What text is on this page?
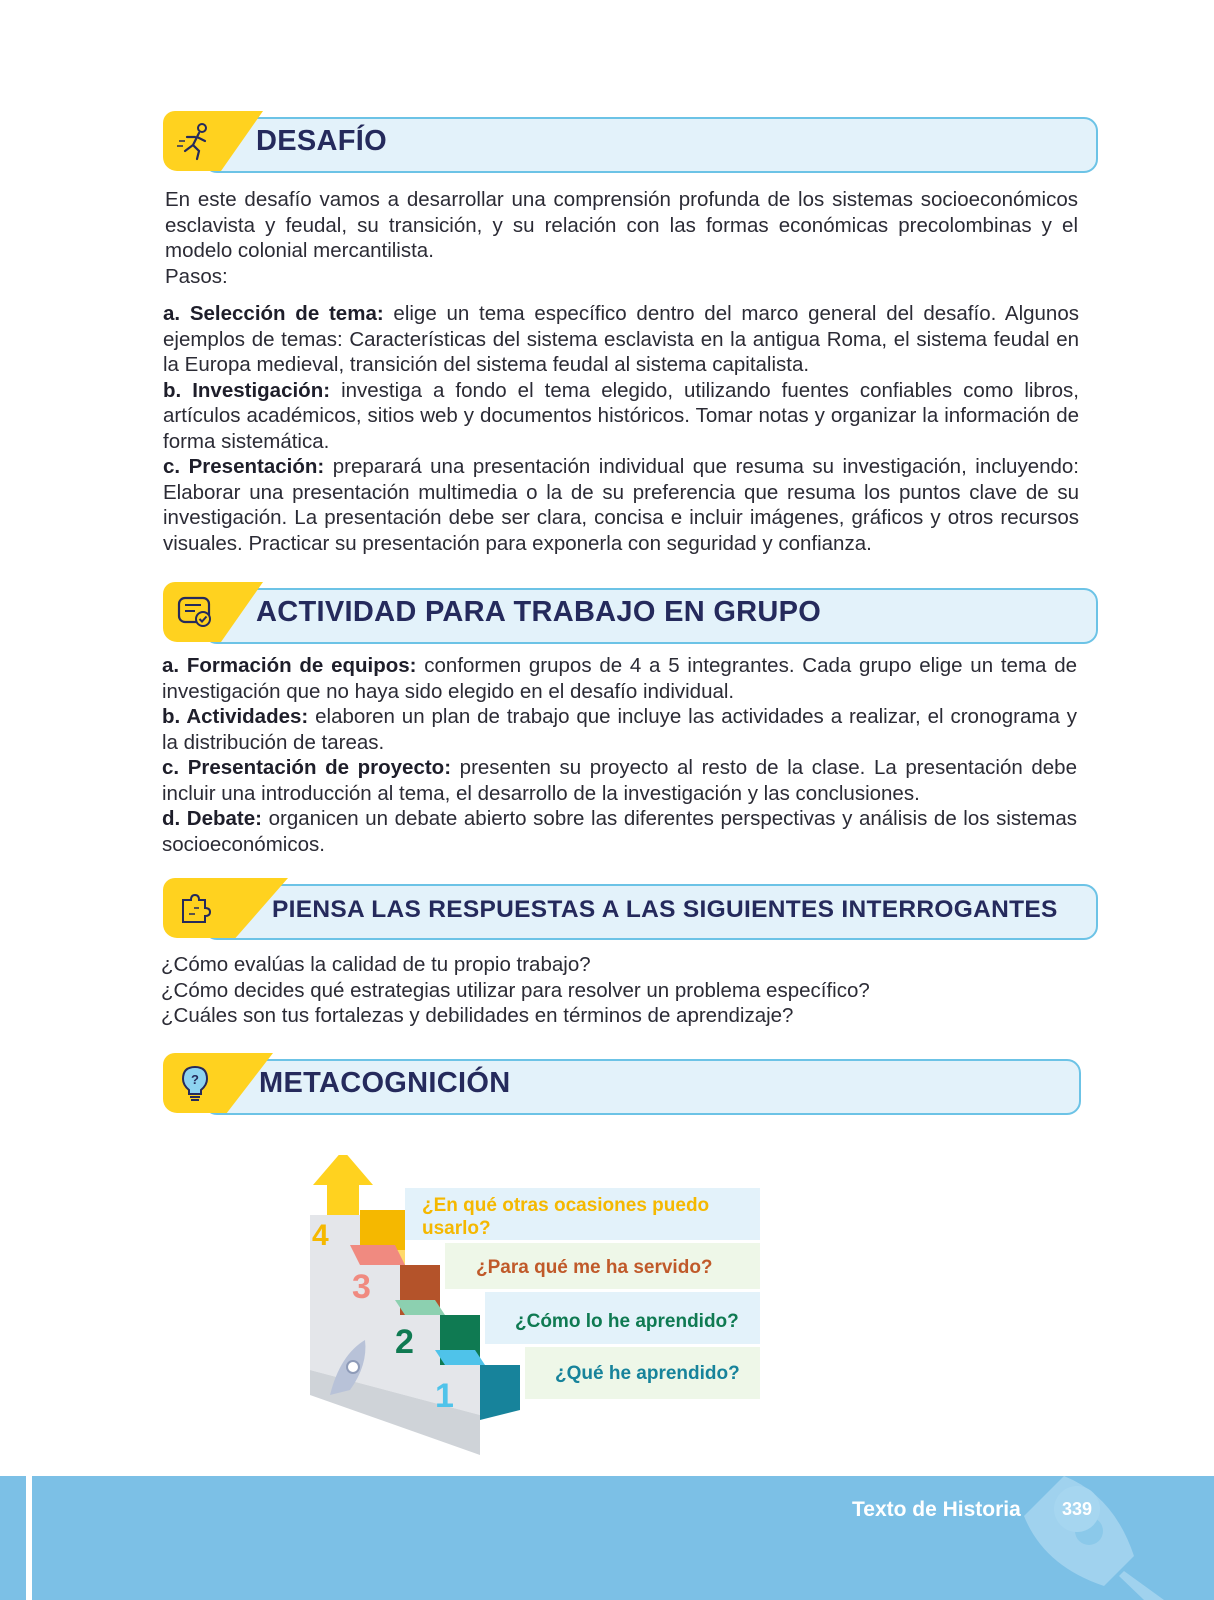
DESAFÍO

En este desafío vamos a desarrollar una comprensión profunda de los sistemas socioeconómicos esclavista y feudal, su transición, y su relación con las formas económicas precolombinas y el modelo colonial mercantilista.

Pasos:

a. Selección de tema: elige un tema específico dentro del marco general del desafío. Algunos ejemplos de temas: Características del sistema esclavista en la antigua Roma, el sistema feudal en la Europa medieval, transición del sistema feudal al sistema capitalista.

b. Investigación: investiga a fondo el tema elegido, utilizando fuentes confiables como libros, artículos académicos, sitios web y documentos históricos. Tomar notas y organizar la información de forma sistemática.

c. Presentación: preparará una presentación individual que resuma su investigación, incluyendo: Elaborar una presentación multimedia o la de su preferencia que resuma los puntos clave de su investigación. La presentación debe ser clara, concisa e incluir imágenes, gráficos y otros recursos visuales. Practicar su presentación para exponerla con seguridad y confianza.

ACTIVIDAD PARA TRABAJO EN GRUPO

a. Formación de equipos: conformen grupos de 4 a 5 integrantes. Cada grupo elige un tema de investigación que no haya sido elegido en el desafío individual.

b. Actividades: elaboren un plan de trabajo que incluye las actividades a realizar, el cronograma y la distribución de tareas.

c. Presentación de proyecto: presenten su proyecto al resto de la clase. La presentación debe incluir una introducción al tema, el desarrollo de la investigación y las conclusiones.

d. Debate: organicen un debate abierto sobre las diferentes perspectivas y análisis de los sistemas socioeconómicos.

PIENSA LAS RESPUESTAS A LAS SIGUIENTES INTERROGANTES

¿Cómo evalúas la calidad de tu propio trabajo?

¿Cómo decides qué estrategias utilizar para resolver un problema específico?

¿Cuáles son tus fortalezas y debilidades en términos de aprendizaje?

? METACOGNICIÓN
4
3
2
1
¿En qué otras ocasiones puedo
usarlo?
¿Para qué me ha servido?
¿Cómo lo he aprendido?
¿Qué he aprendido?
Texto de Historia	339
